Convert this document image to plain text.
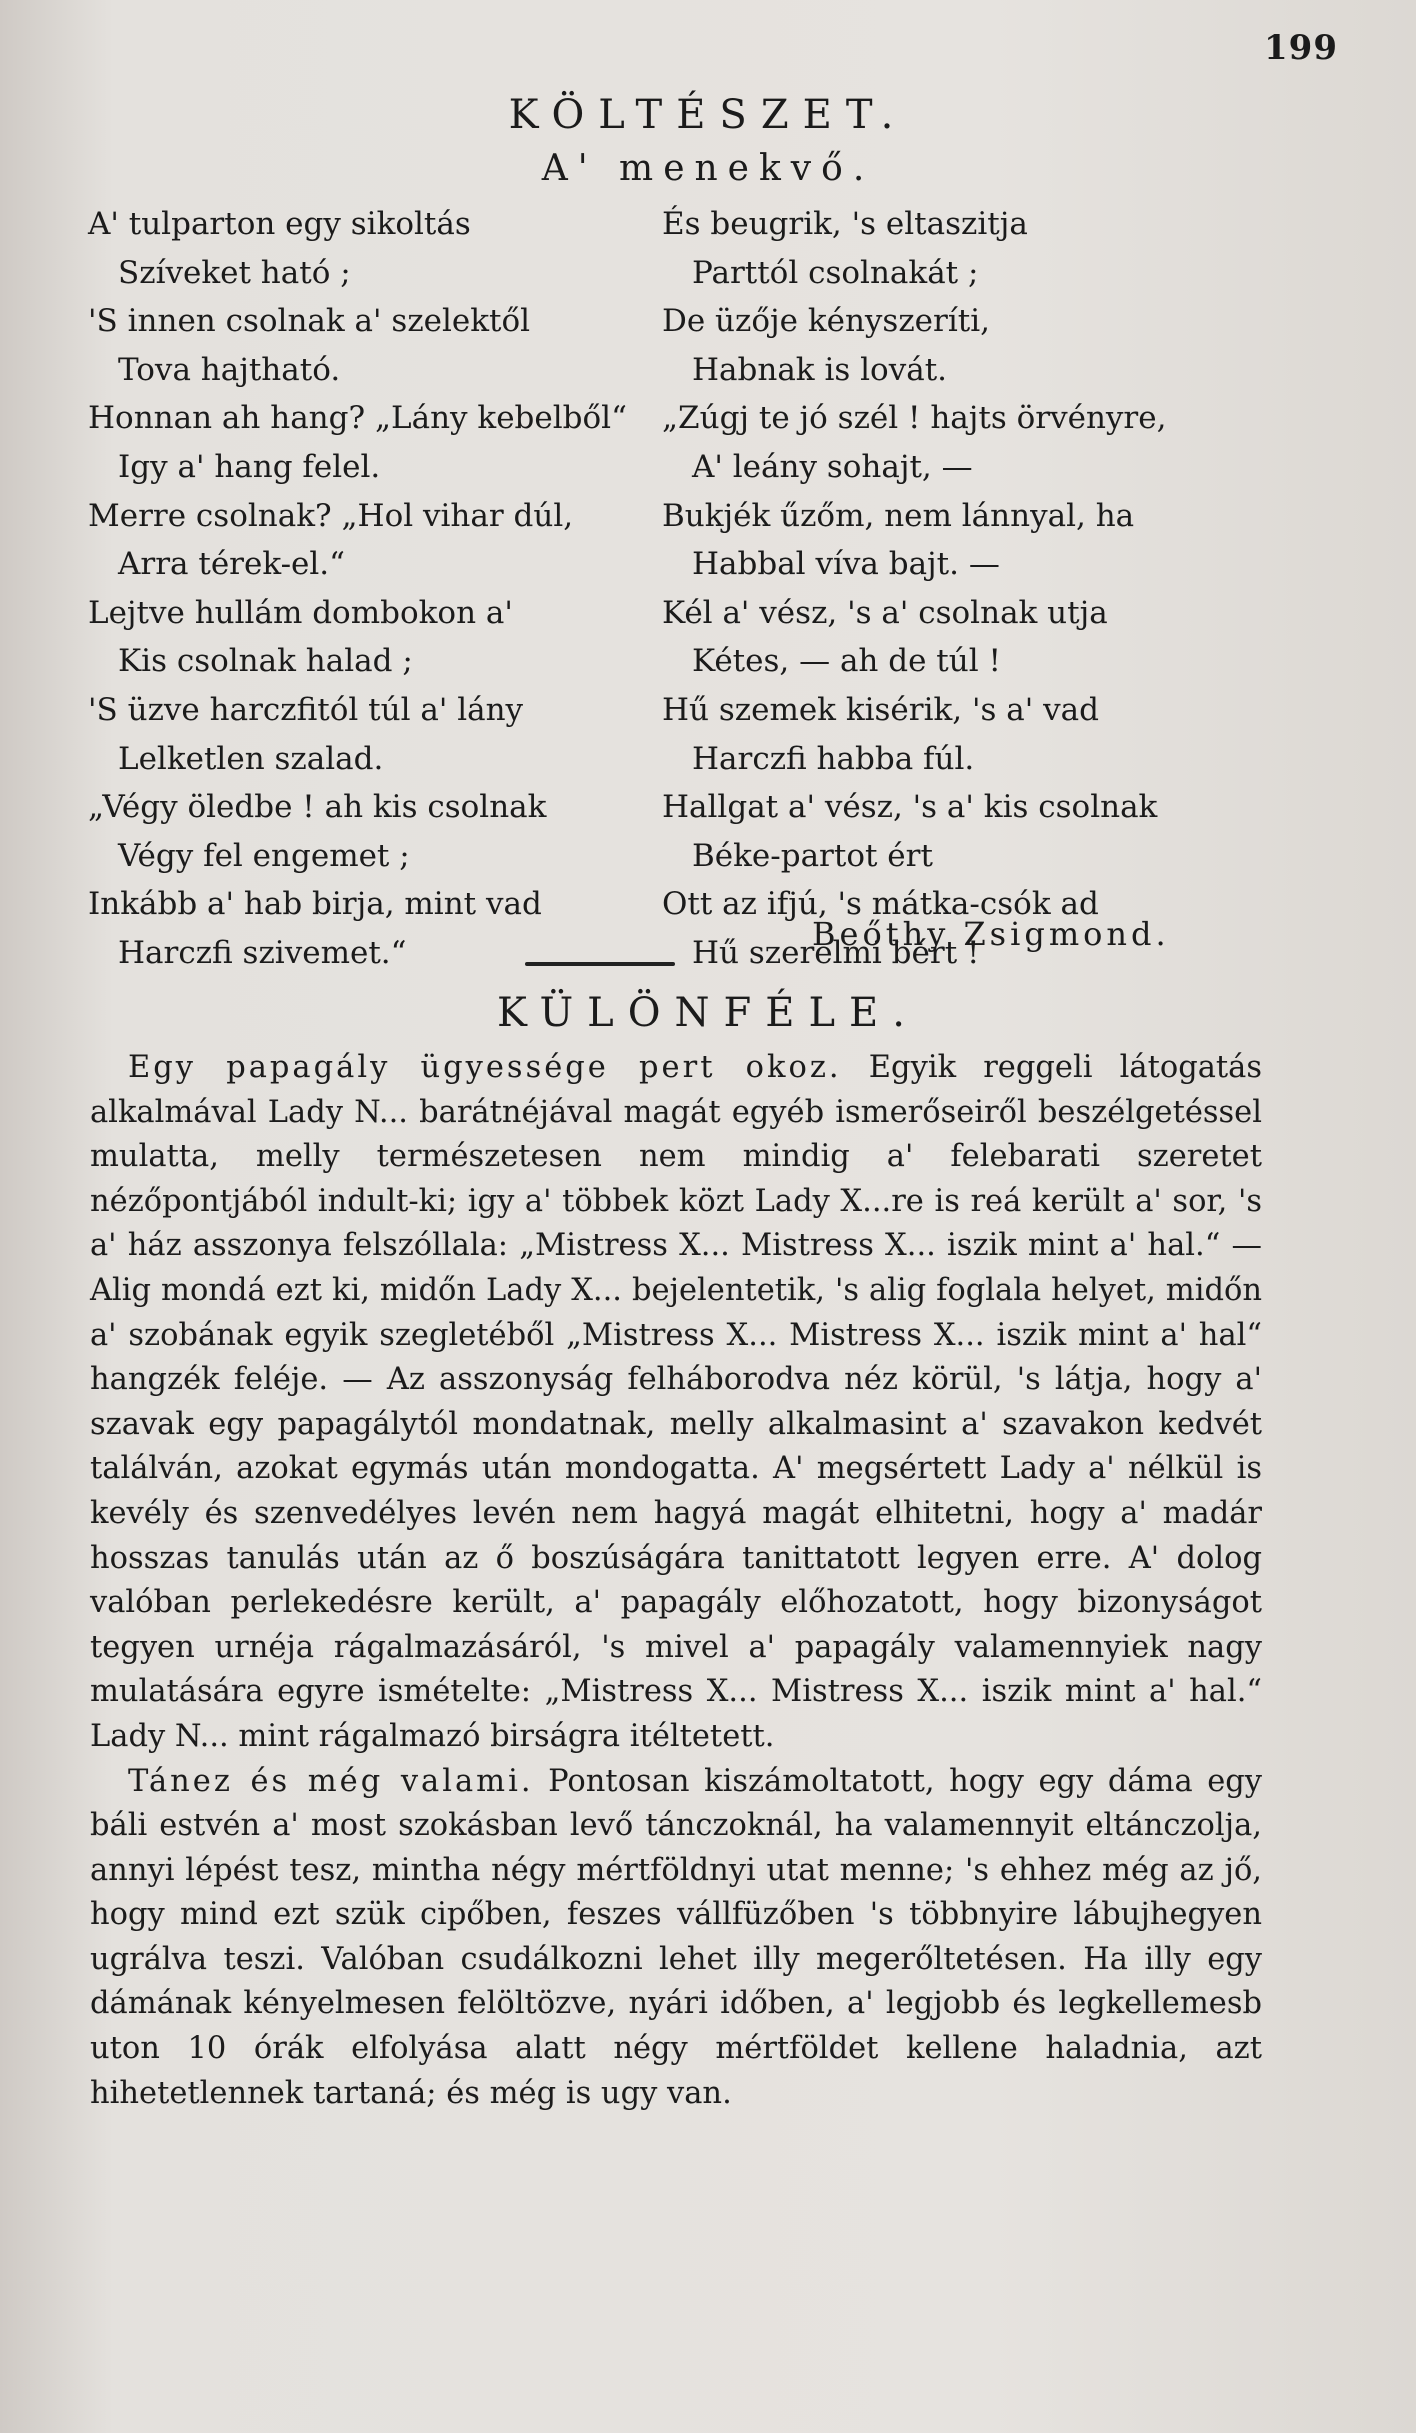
199
KÖLTÉSZET.
A' menekvő.
A' tulparton egy sikoltás
Szíveket ható ;
'S innen csolnak a' szelektől
Tova hajtható.
Honnan ah hang? „Lány kebelből“
Igy a' hang felel.
Merre csolnak? „Hol vihar dúl,
Arra térek-el.“
Lejtve hullám dombokon a'
Kis csolnak halad ;
'S üzve harczfitól túl a' lány
Lelketlen szalad.
„Végy öledbe ! ah kis csolnak
Végy fel engemet ;
Inkább a' hab birja, mint vad
Harczfi szivemet.“
És beugrik, 's eltaszitja
Parttól csolnakát ;
De üzője kényszeríti,
Habnak is lovát.
„Zúgj te jó szél ! hajts örvényre,
A' leány sohajt, —
Bukjék űzőm, nem lánnyal, ha
Habbal víva bajt. —
Kél a' vész, 's a' csolnak utja
Kétes, — ah de túl !
Hű szemek kisérik, 's a' vad
Harczfi habba fúl.
Hallgat a' vész, 's a' kis csolnak
Béke-partot ért
Ott az ifjú, 's mátka-csók ad
Hű szerelmi bért !
Beőthy Zsigmond.
KÜLÖNFÉLE.

Egy papagály ügyessége pert okoz. Egyik reggeli látogatás alkalmával Lady N... barátnéjával magát egyéb ismerőseiről beszélgetéssel mulatta, melly természetesen nem mindig a' felebarati szeretet nézőpontjából indult-ki; igy a' többek közt Lady X...re is reá került a' sor, 's a' ház asszonya felszóllala: „Mistress X... Mistress X... iszik mint a' hal.“ — Alig mondá ezt ki, midőn Lady X... bejelentetik, 's alig foglala helyet, midőn a' szobának egyik szegletéből „Mistress X... Mistress X... iszik mint a' hal“ hangzék feléje. — Az asszonyság felháborodva néz körül, 's látja, hogy a' szavak egy papagálytól mondatnak, melly alkalmasint a' szavakon kedvét találván, azokat egymás után mondogatta. A' megsértett Lady a' nélkül is kevély és szenvedélyes levén nem hagyá magát elhitetni, hogy a' madár hosszas tanulás után az ő boszúságára tanittatott legyen erre. A' dolog valóban perlekedésre került, a' papagály előhozatott, hogy bizonyságot tegyen urnéja rágalmazásáról, 's mivel a' papagály valamennyiek nagy mulatására egyre ismételte: „Mistress X... Mistress X... iszik mint a' hal.“ Lady N... mint rágalmazó birságra itéltetett.

Tánez és még valami. Pontosan kiszámoltatott, hogy egy dáma egy báli estvén a' most szokásban levő tánczoknál, ha valamennyit eltánczolja, annyi lépést tesz, mintha négy mértföldnyi utat menne; 's ehhez még az jő, hogy mind ezt szük cipőben, feszes vállfüzőben 's többnyire lábujhegyen ugrálva teszi. Valóban csudálkozni lehet illy megerőltetésen. Ha illy egy dámának kényelmesen felöltözve, nyári időben, a' legjobb és legkellemesb uton 10 órák elfolyása alatt négy mértföldet kellene haladnia, azt hihetetlennek tartaná; és még is ugy van.
